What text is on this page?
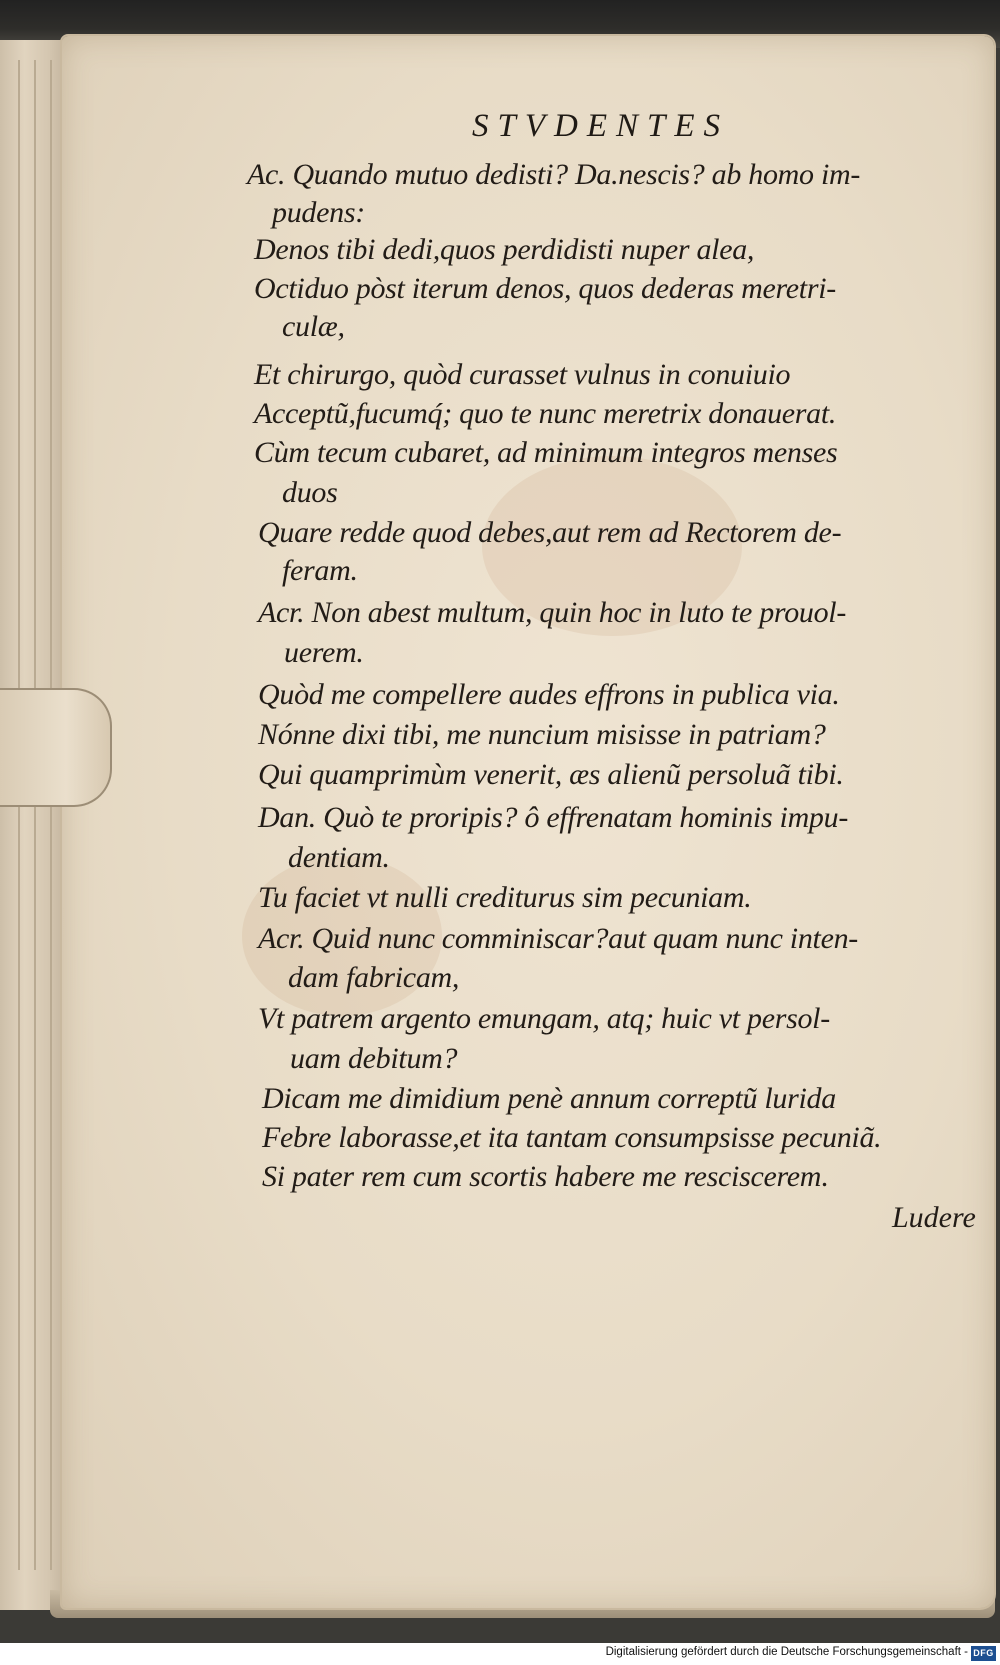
STVDENTES
Ac. Quando mutuo dedisti? Da.nescis? ab homo im-
pudens:
Denos tibi dedi,quos perdidisti nuper alea,
Octiduo pòst iterum denos, quos dederas meretri-
culæ,
Et chirurgo, quòd curasset vulnus in conuiuio
Acceptũ,fucumq́; quo te nunc meretrix donauerat.
Cùm tecum cubaret, ad minimum integros menses
duos
Quare redde quod debes,aut rem ad Rectorem de-
feram.
Acr. Non abest multum, quin hoc in luto te prouol-
uerem.
Quòd me compellere audes effrons in publica via.
Nónne dixi tibi, me nuncium misisse in patriam?
Qui quamprimùm venerit, æs alienũ persoluã tibi.
Dan. Quò te proripis? ô effrenatam hominis impu-
dentiam.
Tu faciet vt nulli crediturus sim pecuniam.
Acr. Quid nunc comminiscar?aut quam nunc inten-
dam fabricam,
Vt patrem argento emungam, atq; huic vt persol-
uam debitum?
Dicam me dimidium penè annum correptũ lurida
Febre laborasse,et ita tantam consumpsisse pecuniã.
Si pater rem cum scortis habere me resciscereт.
Ludere
Digitalisierung gefördert durch die Deutsche Forschungsgemeinschaft - DFG
